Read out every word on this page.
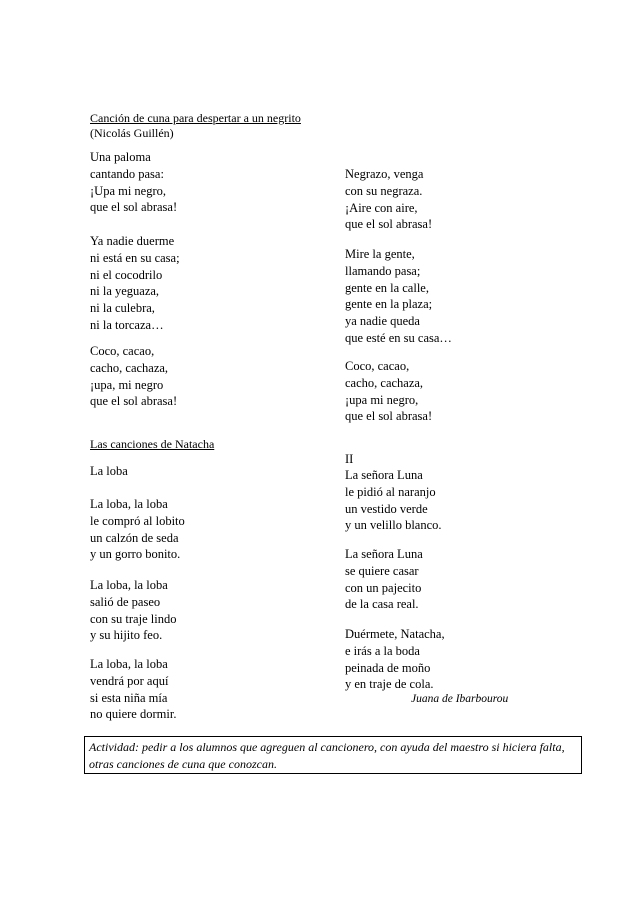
Canción de cuna para despertar a un negrito
(Nicolás Guillén)
Una paloma
cantando pasa:
¡Upa mi negro,
que el sol abrasa!
Ya nadie duerme
ni está en su casa;
ni el cocodrilo
ni la yeguaza,
ni la culebra,
ni la torcaza…
Coco, cacao,
cacho, cachaza,
¡upa, mi negro
que el sol abrasa!
Negrazo, venga
con su negraza.
¡Aire con aire,
que el sol abrasa!
Mire la gente,
llamando pasa;
gente en la calle,
gente en la plaza;
ya nadie queda
que esté en su casa…
Coco, cacao,
cacho, cachaza,
¡upa mi negro,
que el sol abrasa!
Las canciones de Natacha
La loba
La loba, la loba
le compró al lobito
un calzón de seda
y un gorro bonito.
La loba, la loba
salió de paseo
con su traje lindo
y su hijito feo.
La loba, la loba
vendrá por aquí
si esta niña mía
no quiere dormir.
II
La señora Luna
le pidió al naranjo
un vestido verde
y un velillo blanco.
La señora Luna
se quiere casar
con un pajecito
de la casa real.
Duérmete, Natacha,
e irás a la boda
peinada de moño
y en traje de cola.
Juana de Ibarbourou
Actividad: pedir a los alumnos que agreguen al cancionero, con ayuda del maestro si hiciera falta, otras canciones de cuna que conozcan.
